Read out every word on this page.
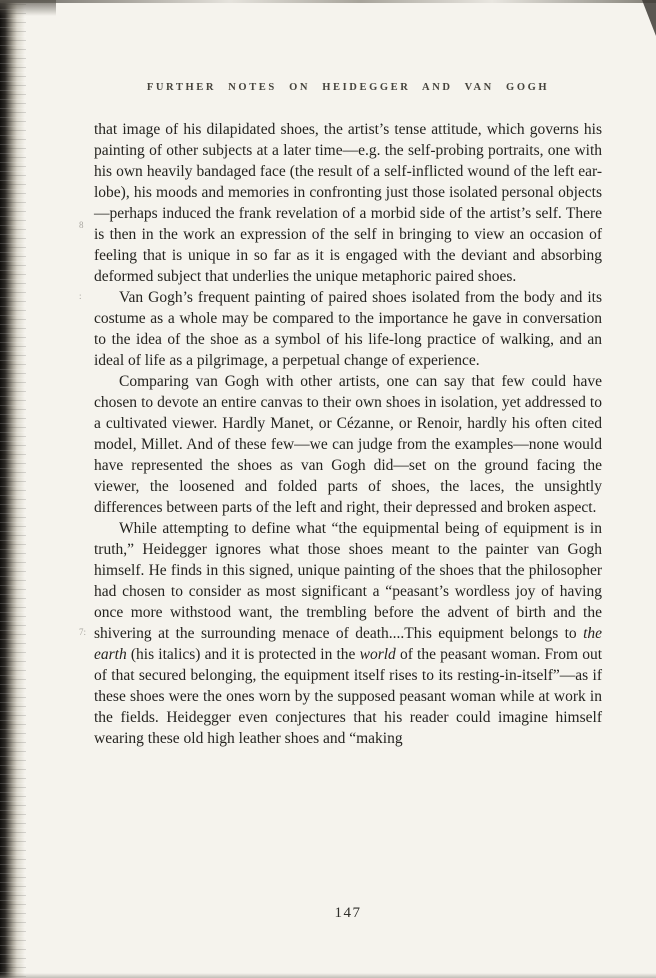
FURTHER NOTES ON HEIDEGGER AND VAN GOGH

that image of his dilapidated shoes, the artist’s tense attitude, which governs his painting of other subjects at a later time—e.g. the self-probing portraits, one with his own heavily bandaged face (the result of a self-inflicted wound of the left ear-lobe), his moods and memories in confronting just those isolated personal objects—perhaps induced the frank revelation of a morbid side of the artist’s self. There is then in the work an expression of the self in bringing to view an occasion of feeling that is unique in so far as it is engaged with the deviant and absorbing deformed subject that underlies the unique metaphoric paired shoes.

Van Gogh’s frequent painting of paired shoes isolated from the body and its costume as a whole may be compared to the importance he gave in conversation to the idea of the shoe as a symbol of his life-long practice of walking, and an ideal of life as a pilgrimage, a perpetual change of experience.

Comparing van Gogh with other artists, one can say that few could have chosen to devote an entire canvas to their own shoes in isolation, yet addressed to a cultivated viewer. Hardly Manet, or Cézanne, or Renoir, hardly his often cited model, Millet. And of these few—we can judge from the examples—none would have represented the shoes as van Gogh did—set on the ground facing the viewer, the loosened and folded parts of shoes, the laces, the unsightly differences between parts of the left and right, their depressed and broken aspect.

While attempting to define what “the equipmental being of equipment is in truth,” Heidegger ignores what those shoes meant to the painter van Gogh himself. He finds in this signed, unique painting of the shoes that the philosopher had chosen to consider as most significant a “peasant’s wordless joy of having once more withstood want, the trembling before the advent of birth and the shivering at the surrounding menace of death....This equipment belongs to the earth (his italics) and it is protected in the world of the peasant woman. From out of that secured belonging, the equipment itself rises to its resting-in-itself”—as if these shoes were the ones worn by the supposed peasant woman while at work in the fields. Heidegger even conjectures that his reader could imagine himself wearing these old high leather shoes and “making

147
8
:
7:
